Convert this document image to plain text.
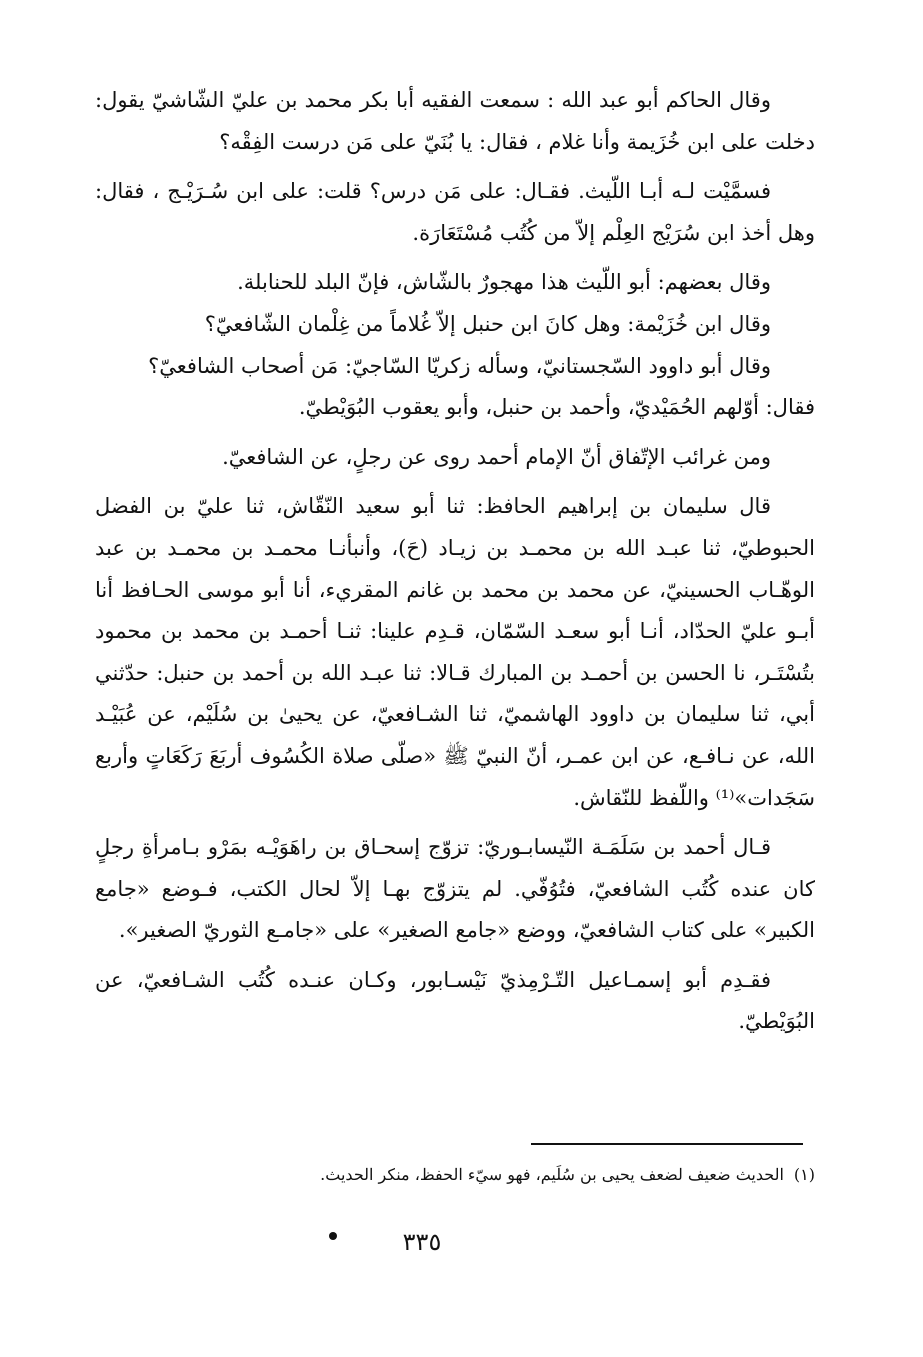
وقال الحاكم أبو عبد الله : سمعت الفقيه أبا بكر محمد بن عليّ الشّاشيّ يقول: دخلت على ابن خُزَيمة وأنا غلام ، فقال: يا بُنَيّ على مَن درست الفِقْه؟

فسمَّيْت لـه أبـا اللّيث. فقـال: على مَن درس؟ قلت: على ابن سُـرَيْـج ، فقال: وهل أخذ ابن سُرَيْج العِلْم إلاّ من كُتُب مُسْتَعَارَة.

وقال بعضهم: أبو اللّيث هذا مهجورٌ بالشّاش، فإنّ البلد للحنابلة.

وقال ابن خُزَيْمة: وهل كانَ ابن حنبل إلاّ غُلاماً من غِلْمان الشّافعيّ؟

وقال أبو داوود السّجستانيّ، وسأله زكريّا السّاجيّ: مَن أصحاب الشافعيّ؟

فقال: أوّلهم الحُمَيْديّ، وأحمد بن حنبل، وأبو يعقوب البُوَيْطيّ.

ومن غرائب الإتّفاق أنّ الإمام أحمد روى عن رجلٍ، عن الشافعيّ.

قال سليمان بن إبراهيم الحافظ: ثنا أبو سعيد النّقّاش، ثنا عليّ بن الفضل الحبوطيّ، ثنا عبـد الله بن محمـد بن زيـاد (حَ)، وأنبأنـا محمـد بن محمـد بن عبد الوهّـاب الحسينيّ، عن محمد بن محمد بن غانم المقريء، أنا أبو موسى الحـافظ أنا أبـو عليّ الحدّاد، أنـا أبو سعـد السّمّان، قـدِم علينا: ثنـا أحمـد بن محمد بن محمود بتُسْتَـر، نا الحسن بن أحمـد بن المبارك قـالا: ثنا عبـد الله بن أحمد بن حنبل: حدّثني أبي، ثنا سليمان بن داوود الهاشميّ، ثنا الشـافعيّ، عن يحيىٰ بن سُلَيْم، عن عُبَيْـد الله، عن نـافـع، عن ابن عمـر، أنّ النبيّ ﷺ «صلّى صلاة الكُسُوف أربَعَ رَكَعَاتٍ وأربع سَجَدات»⁽¹⁾ واللّفظ للنّقاش.

قـال أحمد بن سَلَمَـة النّيسابـوريّ: تزوّج إسحـاق بن راهَوَيْـه بمَرْو بـامرأةِ رجلٍ كان عنده كُتُب الشافعيّ، فتُوُفّي. لم يتزوّج بهـا إلاّ لحال الكتب، فـوضع «جامع الكبير» على كتاب الشافعيّ، ووضع «جامع الصغير» على «جامـع الثوريّ الصغير».

فقـدِم أبو إسمـاعيل التّـرْمِذيّ نَيْسـابور، وكـان عنـده كُتُب الشـافعيّ، عن البُوَيْطيّ.

(١)الحديث ضعيف لضعف يحيى بن سُلَيم، فهو سيّء الحفظ، منكر الحديث.
٣٣٥
